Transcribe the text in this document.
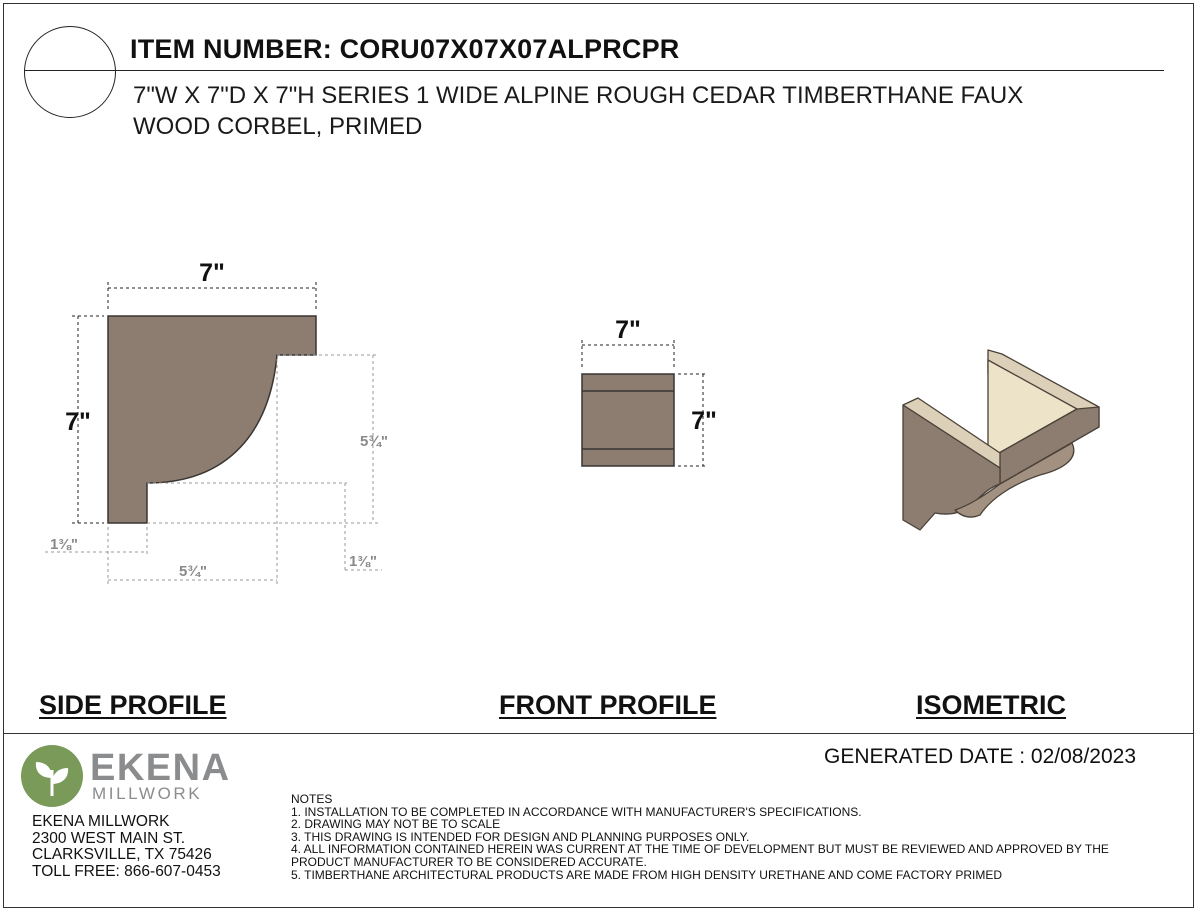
ITEM NUMBER: CORU07X07X07ALPRCPR
7"W X 7"D X 7"H SERIES 1 WIDE ALPINE ROUGH CEDAR TIMBERTHANE FAUX
WOOD CORBEL, PRIMED
7"
7"
5¾"
5¾"
1⅜"
1⅜"
7"
7"
SIDE PROFILE	FRONT PROFILE	ISOMETRIC
EKENA
MILLWORK
EKENA MILLWORK
2300 WEST MAIN ST.
CLARKSVILLE, TX 75426
TOLL FREE: 866-607-0453
GENERATED DATE : 02/08/2023
NOTES
1. INSTALLATION TO BE COMPLETED IN ACCORDANCE WITH MANUFACTURER'S SPECIFICATIONS.
2. DRAWING MAY NOT BE TO SCALE
3. THIS DRAWING IS INTENDED FOR DESIGN AND PLANNING PURPOSES ONLY.
4. ALL INFORMATION CONTAINED HEREIN WAS CURRENT AT THE TIME OF DEVELOPMENT BUT MUST BE REVIEWED AND APPROVED BY THE
PRODUCT MANUFACTURER TO BE CONSIDERED ACCURATE.
5. TIMBERTHANE ARCHITECTURAL PRODUCTS ARE MADE FROM HIGH DENSITY URETHANE AND COME FACTORY PRIMED
